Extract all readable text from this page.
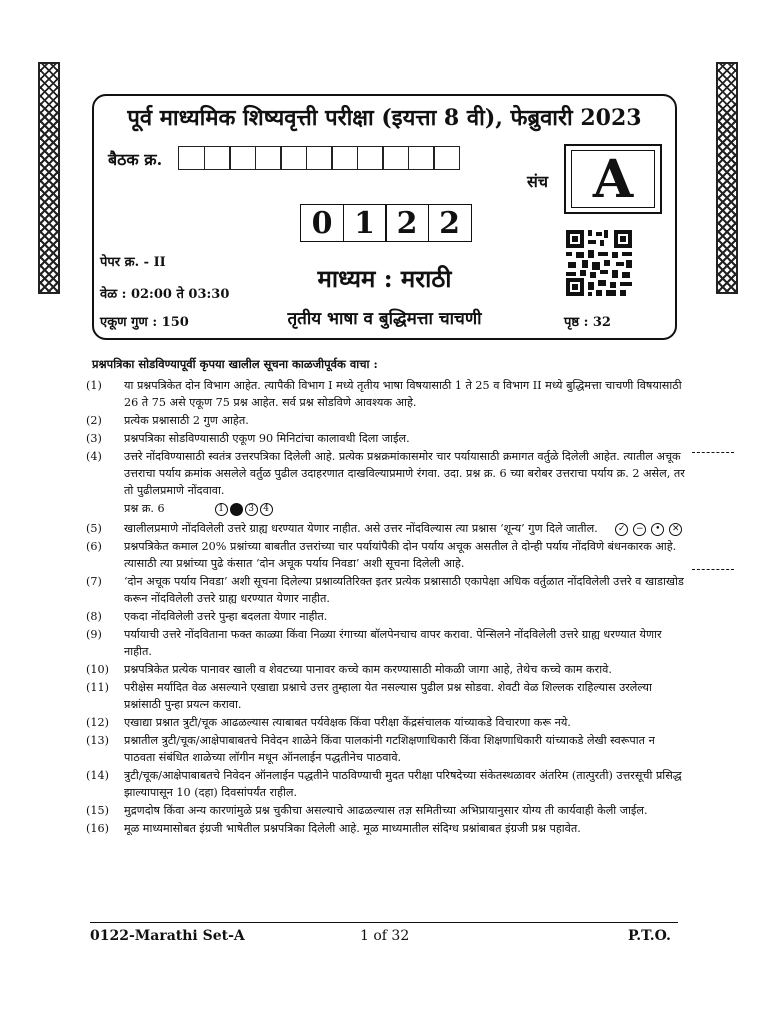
पूर्व माध्यमिक शिष्यवृत्ती परीक्षा (इयत्ता 8 वी), फेब्रुवारी 2023
बैठक क्र.
संच A
0 1 2 2
पेपर क्र. - II
माध्यम : मराठी
वेळ : 02:00 ते 03:30
तृतीय भाषा व बुद्धिमत्ता चाचणी
एकूण गुण : 150	पृष्ठ : 32
प्रश्नपत्रिका सोडविण्यापूर्वी कृपया खालील सूचना काळजीपूर्वक वाचा :
(1)	या प्रश्नपत्रिकेत दोन विभाग आहेत. त्यापैकी विभाग I मध्ये तृतीय भाषा विषयासाठी 1 ते 25 व विभाग II मध्ये बुद्धिमत्ता चाचणी विषयासाठी 26 ते 75 असे एकूण 75 प्रश्न आहेत. सर्व प्रश्न सोडविणे आवश्यक आहे.
(2)	प्रत्येक प्रश्नासाठी 2 गुण आहेत.
(3)	प्रश्नपत्रिका सोडविण्यासाठी एकूण 90 मिनिटांचा कालावधी दिला जाईल.
(4)	उत्तरे नोंदविण्यासाठी स्वतंत्र उत्तरपत्रिका दिलेली आहे. प्रत्येक प्रश्नक्रमांकासमोर चार पर्यायासाठी क्रमागत वर्तुळे दिलेली आहेत. त्यातील अचूक उत्तराचा पर्याय क्रमांक असलेले वर्तुळ पुढील उदाहरणात दाखविल्याप्रमाणे रंगवा. उदा. प्रश्न क्र. 6 च्या बरोबर उत्तराचा पर्याय क्र. 2 असेल, तर तो पुढीलप्रमाणे नोंदवावा.
प्रश्न क्र. 6	1	3	4
(5)	खालीलप्रमाणे नोंदविलेली उत्तरे ग्राह्य धरण्यात येणार नाहीत. असे उत्तर नोंदविल्यास त्या प्रश्नास ‘शून्य’ गुण दिले जातील.	✓	−	•	✕
(6)	प्रश्नपत्रिकेत कमाल 20% प्रश्नांच्या बाबतीत उत्तरांच्या चार पर्यायांपैकी दोन पर्याय अचूक असतील ते दोन्ही पर्याय नोंदविणे बंधनकारक आहे. त्यासाठी त्या प्रश्नांच्या पुढे कंसात ‘दोन अचूक पर्याय निवडा’ अशी सूचना दिलेली आहे.
(7)	‘दोन अचूक पर्याय निवडा’ अशी सूचना दिलेल्या प्रश्नाव्यतिरिक्त इतर प्रत्येक प्रश्नासाठी एकापेक्षा अधिक वर्तुळात नोंदविलेली उत्तरे व खाडाखोड करून नोंदविलेली उत्तरे ग्राह्य धरण्यात येणार नाहीत.
(8)	एकदा नोंदविलेली उत्तरे पुन्हा बदलता येणार नाहीत.
(9)	पर्यायाची उत्तरे नोंदविताना फक्त काळ्या किंवा निळ्या रंगाच्या बॉलपेनचाच वापर करावा. पेन्सिलने नोंदविलेली उत्तरे ग्राह्य धरण्यात येणार नाहीत.
(10)	प्रश्नपत्रिकेत प्रत्येक पानावर खाली व शेवटच्या पानावर कच्चे काम करण्यासाठी मोकळी जागा आहे, तेथेच कच्चे काम करावे.
(11)	परीक्षेस मर्यादित वेळ असल्याने एखाद्या प्रश्नाचे उत्तर तुम्हाला येत नसल्यास पुढील प्रश्न सोडवा. शेवटी वेळ शिल्लक राहिल्यास उरलेल्या प्रश्नांसाठी पुन्हा प्रयत्न करावा.
(12)	एखाद्या प्रश्नात त्रुटी/चूक आढळल्यास त्याबाबत पर्यवेक्षक किंवा परीक्षा केंद्रसंचालक यांच्याकडे विचारणा करू नये.
(13)	प्रश्नातील त्रुटी/चूक/आक्षेपाबाबतचे निवेदन शाळेने किंवा पालकांनी गटशिक्षणाधिकारी किंवा शिक्षणाधिकारी यांच्याकडे लेखी स्वरूपात न पाठवता संबंधित शाळेच्या लॉगीन मधून ऑनलाईन पद्धतीनेच पाठवावे.
(14)	त्रुटी/चूक/आक्षेपाबाबतचे निवेदन ऑनलाईन पद्धतीने पाठविण्याची मुदत परीक्षा परिषदेच्या संकेतस्थळावर अंतरिम (तात्पुरती) उत्तरसूची प्रसिद्ध झाल्यापासून 10 (दहा) दिवसांपर्यंत राहील.
(15)	मुद्रणदोष किंवा अन्य कारणांमुळे प्रश्न चुकीचा असल्याचे आढळल्यास तज्ञ समितीच्या अभिप्रायानुसार योग्य ती कार्यवाही केली जाईल.
(16)	मूळ माध्यमासोबत इंग्रजी भाषेतील प्रश्नपत्रिका दिलेली आहे. मूळ माध्यमातील संदिग्ध प्रश्नांबाबत इंग्रजी प्रश्न पहावेत.
0122-Marathi Set-A	1 of 32	P.T.O.
